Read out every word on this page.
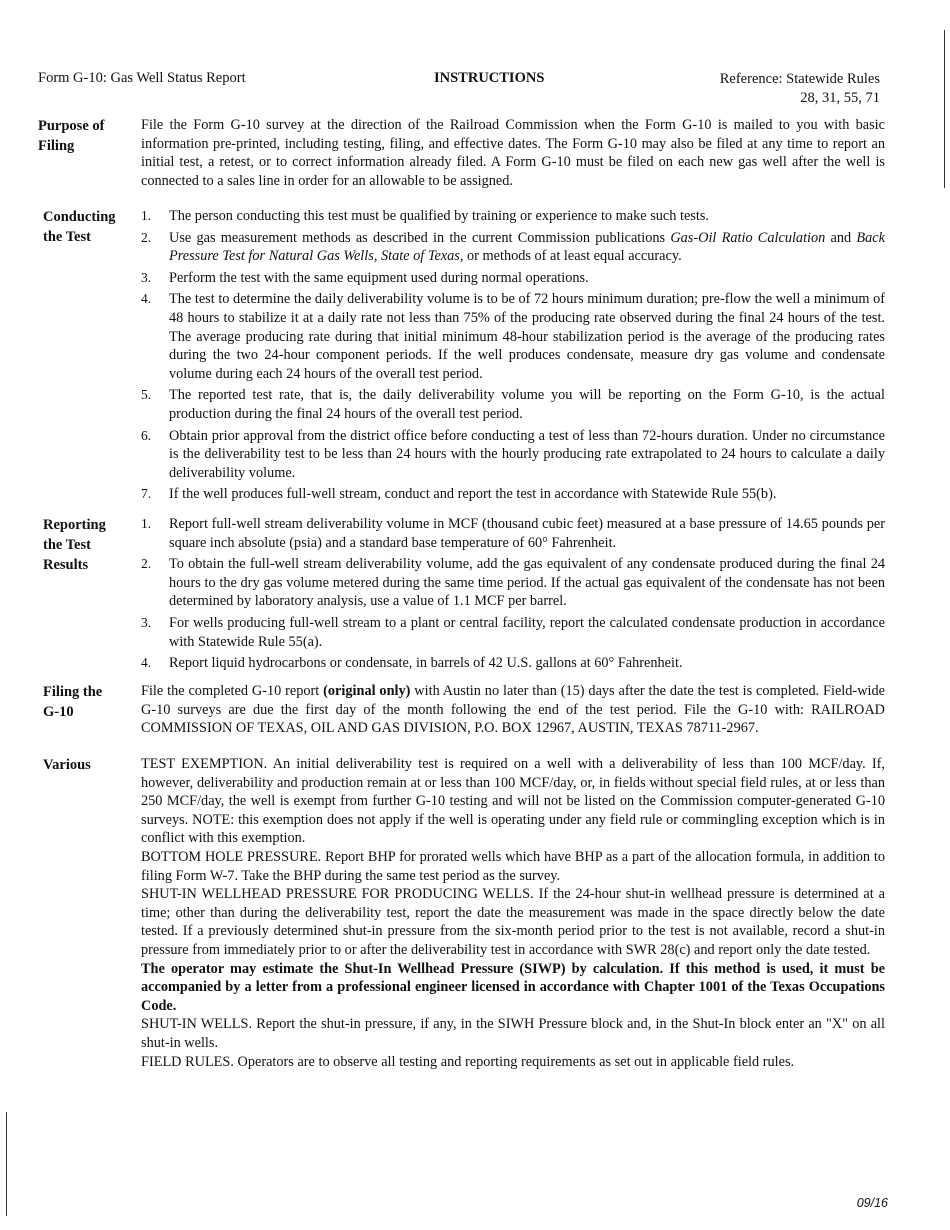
Form G-10: Gas Well Status Report	INSTRUCTIONS	Reference: Statewide Rules
28, 31, 55, 71
Purpose of Filing

File the Form G-10 survey at the direction of the Railroad Commission when the Form G-10 is mailed to you with basic information pre-printed, including testing, filing, and effective dates. The Form G-10 may also be filed at any time to report an initial test, a retest, or to correct information already filed. A Form G-10 must be filed on each new gas well after the well is connected to a sales line in order for an allowable to be assigned.

Conducting the Test
1. The person conducting this test must be qualified by training or experience to make such tests.
2. Use gas measurement methods as described in the current Commission publications Gas-Oil Ratio Calculation and Back Pressure Test for Natural Gas Wells, State of Texas, or methods of at least equal accuracy.
3. Perform the test with the same equipment used during normal operations.
4. The test to determine the daily deliverability volume is to be of 72 hours minimum duration; pre-flow the well a minimum of 48 hours to stabilize it at a daily rate not less than 75% of the producing rate observed during the final 24 hours of the test. The average producing rate during that initial minimum 48-hour stabilization period is the average of the producing rates during the two 24-hour component periods. If the well produces condensate, measure dry gas volume and condensate volume during each 24 hours of the overall test period.
5. The reported test rate, that is, the daily deliverability volume you will be reporting on the Form G-10, is the actual production during the final 24 hours of the overall test period.
6. Obtain prior approval from the district office before conducting a test of less than 72-hours duration. Under no circumstance is the deliverability test to be less than 24 hours with the hourly producing rate extrapolated to 24 hours to calculate a daily deliverability volume.
7. If the well produces full-well stream, conduct and report the test in accordance with Statewide Rule 55(b).
Reporting the Test Results
1. Report full-well stream deliverability volume in MCF (thousand cubic feet) measured at a base pressure of 14.65 pounds per square inch absolute (psia) and a standard base temperature of 60° Fahrenheit.
2. To obtain the full-well stream deliverability volume, add the gas equivalent of any condensate produced during the final 24 hours to the dry gas volume metered during the same time period. If the actual gas equivalent of the condensate has not been determined by laboratory analysis, use a value of 1.1 MCF per barrel.
3. For wells producing full-well stream to a plant or central facility, report the calculated condensate production in accordance with Statewide Rule 55(a).
4. Report liquid hydrocarbons or condensate, in barrels of 42 U.S. gallons at 60° Fahrenheit.
Filing the G-10

File the completed G-10 report (original only) with Austin no later than (15) days after the date the test is completed. Field-wide G-10 surveys are due the first day of the month following the end of the test period. File the G-10 with: RAILROAD COMMISSION OF TEXAS, OIL AND GAS DIVISION, P.O. BOX 12967, AUSTIN, TEXAS 78711-2967.

Various	TEST EXEMPTION. An initial deliverability test is required on a well with a deliverability of less than 100 MCF/day. If, however, deliverability and production remain at or less than 100 MCF/day, or, in fields without special field rules, at or less than 250 MCF/day, the well is exempt from further G-10 testing and will not be listed on the Commission computer-generated G-10 surveys. NOTE: this exemption does not apply if the well is operating under any field rule or commingling exception which is in conflict with this exemption.

BOTTOM HOLE PRESSURE. Report BHP for prorated wells which have BHP as a part of the allocation formula, in addition to filing Form W-7. Take the BHP during the same test period as the survey.

SHUT-IN WELLHEAD PRESSURE FOR PRODUCING WELLS. If the 24-hour shut-in wellhead pressure is determined at a time; other than during the deliverability test, report the date the measurement was made in the space directly below the date tested. If a previously determined shut-in pressure from the six-month period prior to the test is not available, record a shut-in pressure from immediately prior to or after the deliverability test in accordance with SWR 28(c) and report only the date tested.

The operator may estimate the Shut-In Wellhead Pressure (SIWP) by calculation. If this method is used, it must be accompanied by a letter from a professional engineer licensed in accordance with Chapter 1001 of the Texas Occupations Code.

SHUT-IN WELLS. Report the shut-in pressure, if any, in the SIWH Pressure block and, in the Shut-In block enter an "X" on all shut-in wells.

FIELD RULES. Operators are to observe all testing and reporting requirements as set out in applicable field rules.

09/16
